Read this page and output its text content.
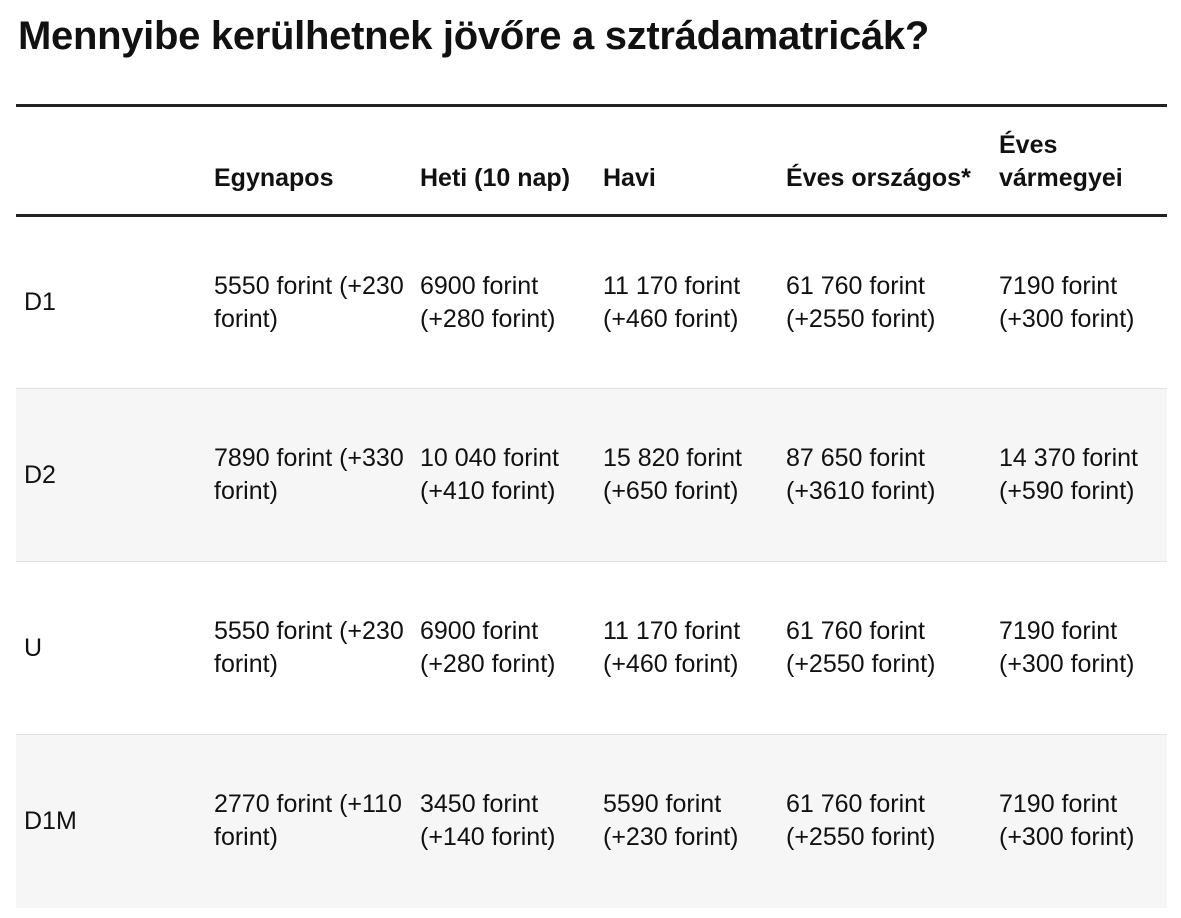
Mennyibe kerülhetnek jövőre a sztrádamatricák?
	Egynapos	Heti (10 nap)	Havi	Éves országos*	Éves vármegyei
D1	5550 forint (+230 forint)	6900 forint (+280 forint)	11 170 forint (+460 forint)	61 760 forint (+2550 forint)	7190 forint (+300 forint)
D2	7890 forint (+330 forint)	10 040 forint (+410 forint)	15 820 forint (+650 forint)	87 650 forint (+3610 forint)	14 370 forint (+590 forint)
U	5550 forint (+230 forint)	6900 forint (+280 forint)	11 170 forint (+460 forint)	61 760 forint (+2550 forint)	7190 forint (+300 forint)
D1M	2770 forint (+110 forint)	3450 forint (+140 forint)	5590 forint (+230 forint)	61 760 forint (+2550 forint)	7190 forint (+300 forint)
